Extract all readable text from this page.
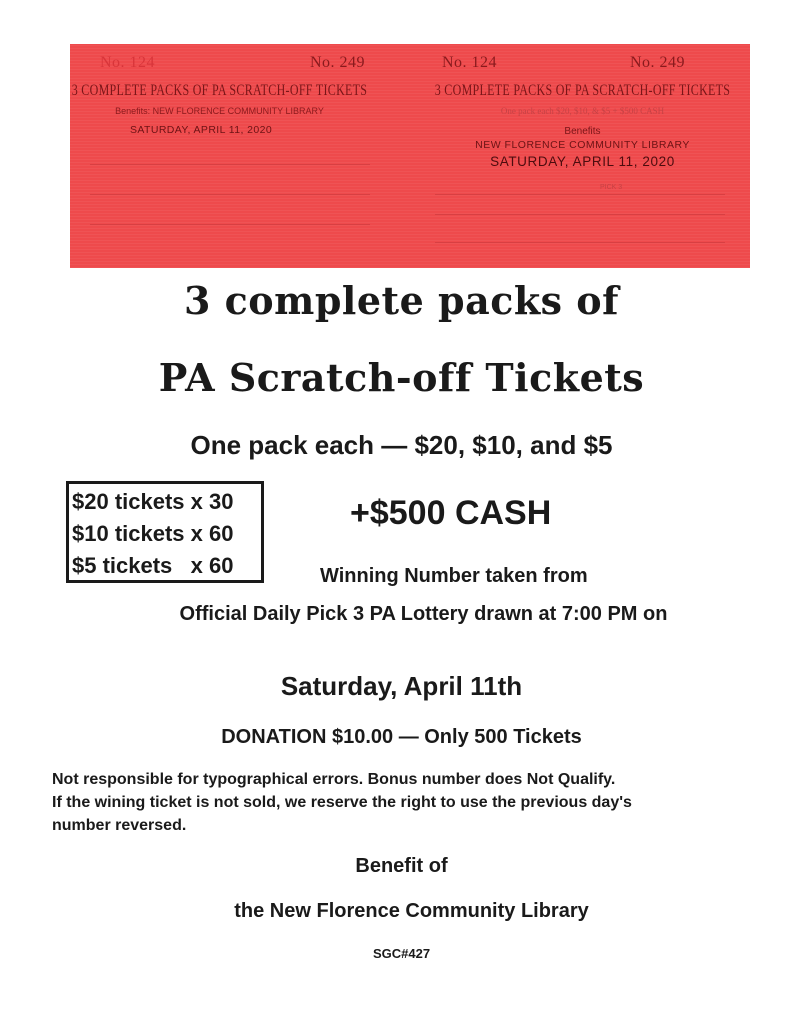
No. 124	No. 249
3 COMPLETE PACKS OF PA SCRATCH-OFF TICKETS
Benefits: NEW FLORENCE COMMUNITY LIBRARY
SATURDAY, APRIL 11, 2020
No. 124	No. 249
3 COMPLETE PACKS OF PA SCRATCH-OFF TICKETS
One pack each $20, $10, & $5 + $500 CASH
Benefits
NEW FLORENCE COMMUNITY LIBRARY
SATURDAY, APRIL 11, 2020
PICK 3
3 complete packs of
PA Scratch-off Tickets
One pack each — $20, $10, and $5
$20 tickets x 30
$10 tickets x 60
$5 tickets   x 60
+$500 CASH
Winning Number taken from
Official Daily Pick 3 PA Lottery drawn at 7:00 PM on
Saturday, April 11th
DONATION $10.00 — Only 500 Tickets
Not responsible for typographical errors. Bonus number does Not Qualify.
If the wining ticket is not sold, we reserve the right to use the previous day's
number reversed.
Benefit of
the New Florence Community Library
SGC#427
